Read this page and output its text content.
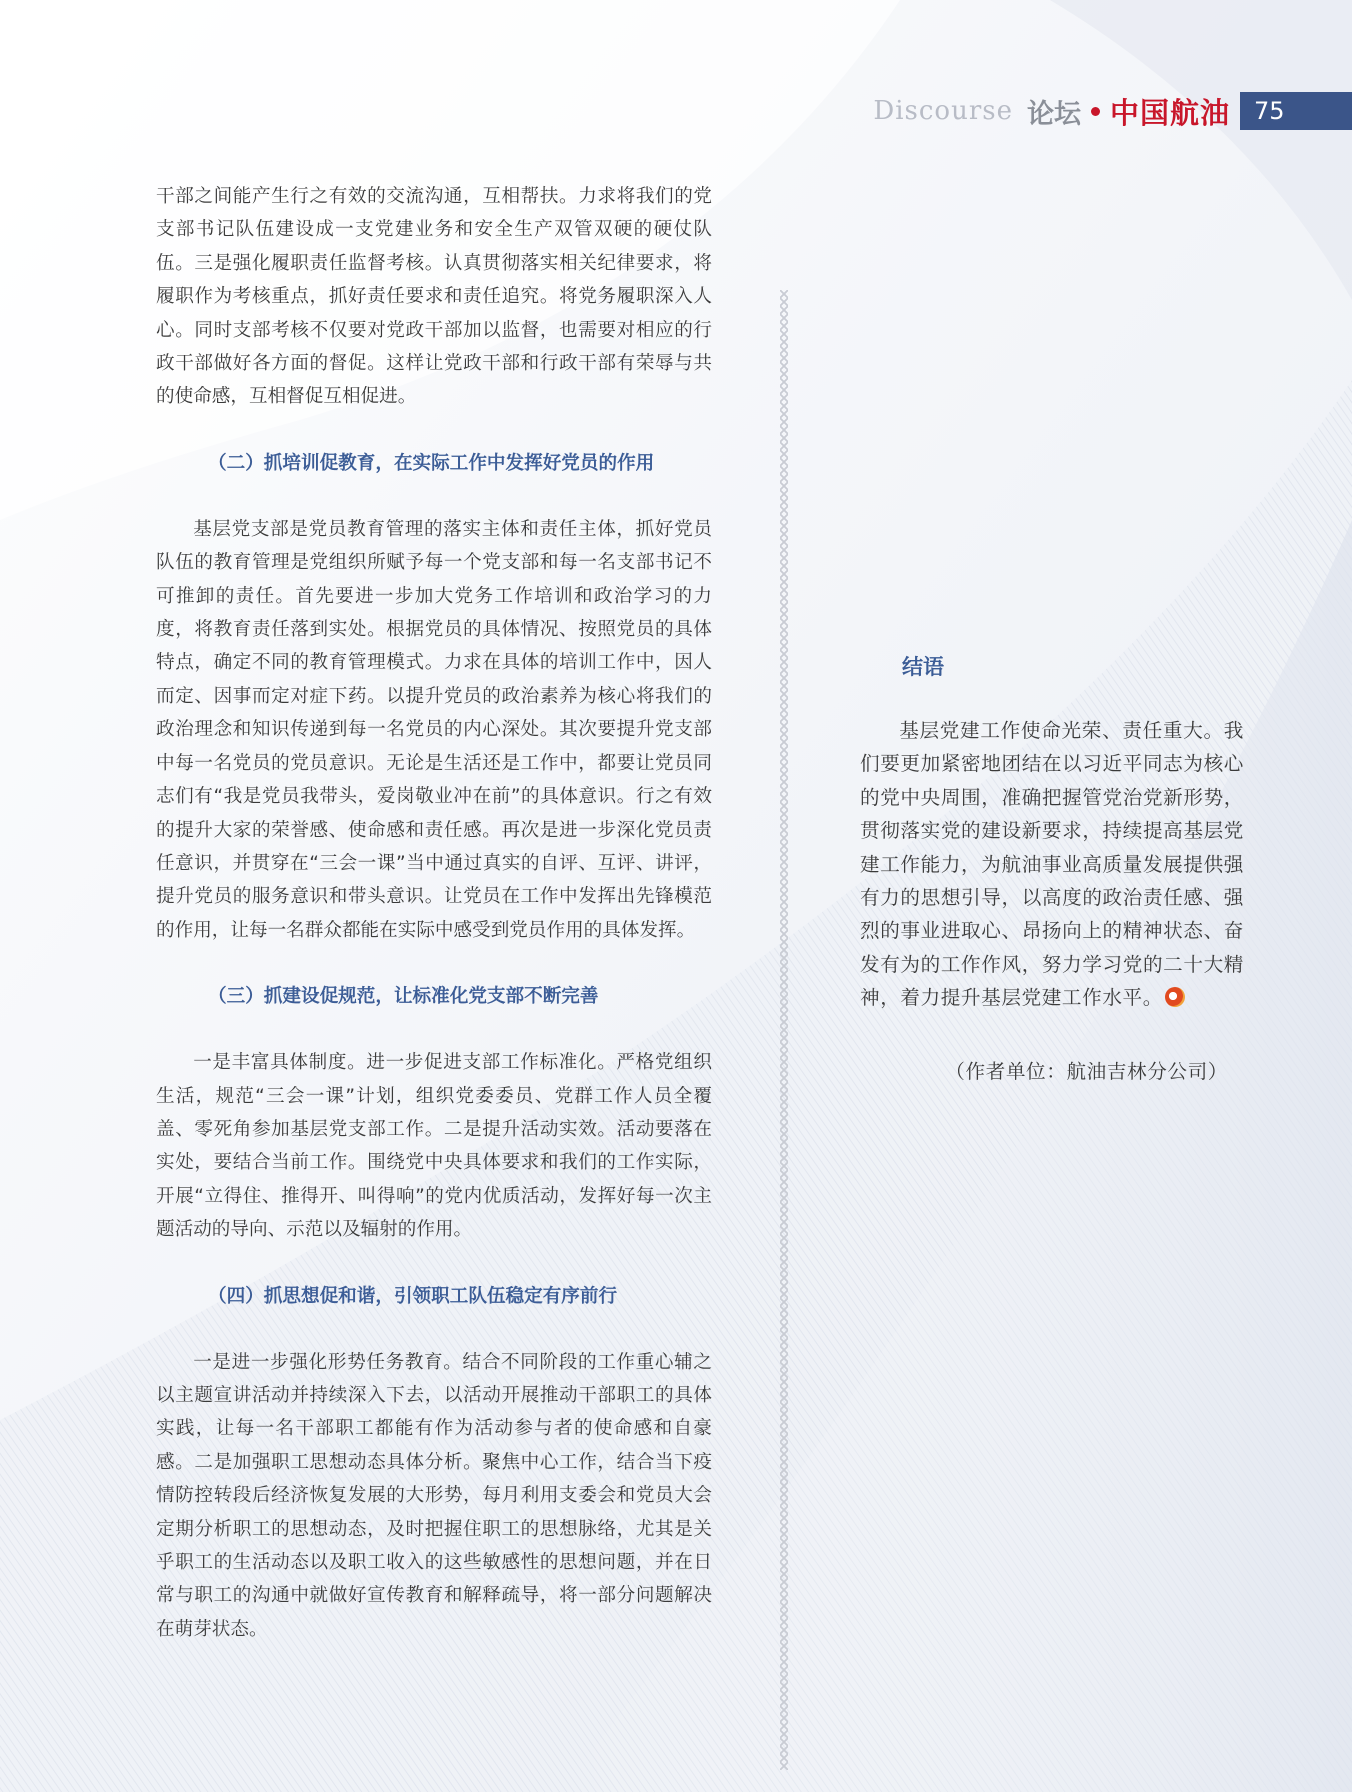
Discourse 论坛 中国航油	75

干部之间能产生行之有效的交流沟通，互相帮扶。力求将我们的党支部书记队伍建设成一支党建业务和安全生产双管双硬的硬仗队伍。三是强化履职责任监督考核。认真贯彻落实相关纪律要求，将履职作为考核重点，抓好责任要求和责任追究。将党务履职深入人心。同时支部考核不仅要对党政干部加以监督，也需要对相应的行政干部做好各方面的督促。这样让党政干部和行政干部有荣辱与共的使命感，互相督促互相促进。

（二）抓培训促教育，在实际工作中发挥好党员的作用

基层党支部是党员教育管理的落实主体和责任主体，抓好党员队伍的教育管理是党组织所赋予每一个党支部和每一名支部书记不可推卸的责任。首先要进一步加大党务工作培训和政治学习的力度，将教育责任落到实处。根据党员的具体情况、按照党员的具体特点，确定不同的教育管理模式。力求在具体的培训工作中，因人而定、因事而定对症下药。以提升党员的政治素养为核心将我们的政治理念和知识传递到每一名党员的内心深处。其次要提升党支部中每一名党员的党员意识。无论是生活还是工作中，都要让党员同志们有“我是党员我带头，爱岗敬业冲在前”的具体意识。行之有效的提升大家的荣誉感、使命感和责任感。再次是进一步深化党员责任意识，并贯穿在“三会一课”当中通过真实的自评、互评、讲评，提升党员的服务意识和带头意识。让党员在工作中发挥出先锋模范的作用，让每一名群众都能在实际中感受到党员作用的具体发挥。

（三）抓建设促规范，让标准化党支部不断完善

一是丰富具体制度。进一步促进支部工作标准化。严格党组织生活，规范“三会一课”计划，组织党委委员、党群工作人员全覆盖、零死角参加基层党支部工作。二是提升活动实效。活动要落在实处，要结合当前工作。围绕党中央具体要求和我们的工作实际，开展“立得住、推得开、叫得响”的党内优质活动，发挥好每一次主题活动的导向、示范以及辐射的作用。

（四）抓思想促和谐，引领职工队伍稳定有序前行

一是进一步强化形势任务教育。结合不同阶段的工作重心辅之以主题宣讲活动并持续深入下去，以活动开展推动干部职工的具体实践，让每一名干部职工都能有作为活动参与者的使命感和自豪感。二是加强职工思想动态具体分析。聚焦中心工作，结合当下疫情防控转段后经济恢复发展的大形势，每月利用支委会和党员大会定期分析职工的思想动态，及时把握住职工的思想脉络，尤其是关乎职工的生活动态以及职工收入的这些敏感性的思想问题，并在日常与职工的沟通中就做好宣传教育和解释疏导，将一部分问题解决在萌芽状态。

结语

基层党建工作使命光荣、责任重大。我们要更加紧密地团结在以习近平同志为核心的党中央周围，准确把握管党治党新形势，贯彻落实党的建设新要求，持续提高基层党建工作能力，为航油事业高质量发展提供强有力的思想引导，以高度的政治责任感、强烈的事业进取心、昂扬向上的精神状态、奋发有为的工作作风，努力学习党的二十大精神，着力提升基层党建工作水平。

（作者单位：航油吉林分公司）
